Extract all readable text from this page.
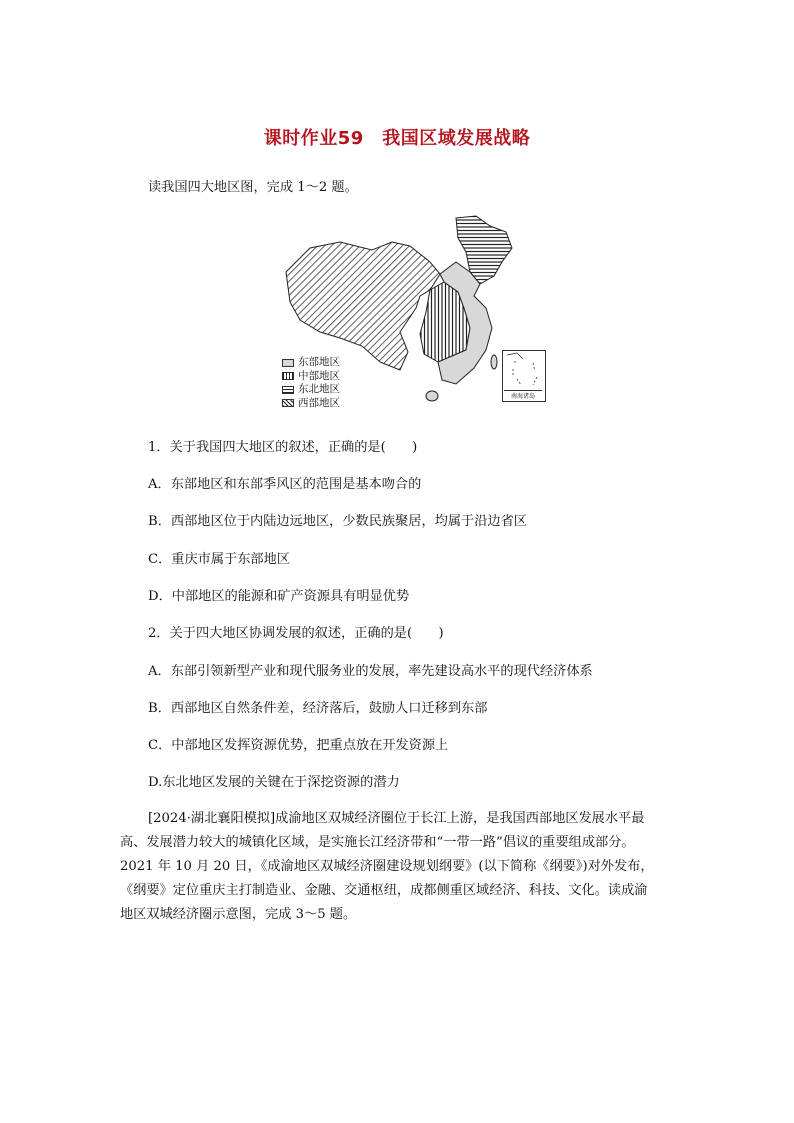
课时作业59　我国区域发展战略
读我国四大地区图，完成 1～2 题。
东部地区
中部地区
东北地区
西部地区	南海诸岛
1．关于我国四大地区的叙述，正确的是(　　)
A．东部地区和东部季风区的范围是基本吻合的
B．西部地区位于内陆边远地区，少数民族聚居，均属于沿边省区
C．重庆市属于东部地区
D．中部地区的能源和矿产资源具有明显优势
2．关于四大地区协调发展的叙述，正确的是(　　)
A．东部引领新型产业和现代服务业的发展，率先建设高水平的现代经济体系
B．西部地区自然条件差，经济落后，鼓励人口迁移到东部
C．中部地区发挥资源优势，把重点放在开发资源上
D.东北地区发展的关键在于深挖资源的潜力
[2024·湖北襄阳模拟]成渝地区双城经济圈位于长江上游，是我国西部地区发展水平最
高、发展潜力较大的城镇化区域，是实施长江经济带和“一带一路”倡议的重要组成部分。
2021 年 10 月 20 日，《成渝地区双城经济圈建设规划纲要》(以下简称《纲要》)对外发布，
《纲要》定位重庆主打制造业、金融、交通枢纽，成都侧重区域经济、科技、文化。读成渝
地区双城经济圈示意图，完成 3～5 题。
